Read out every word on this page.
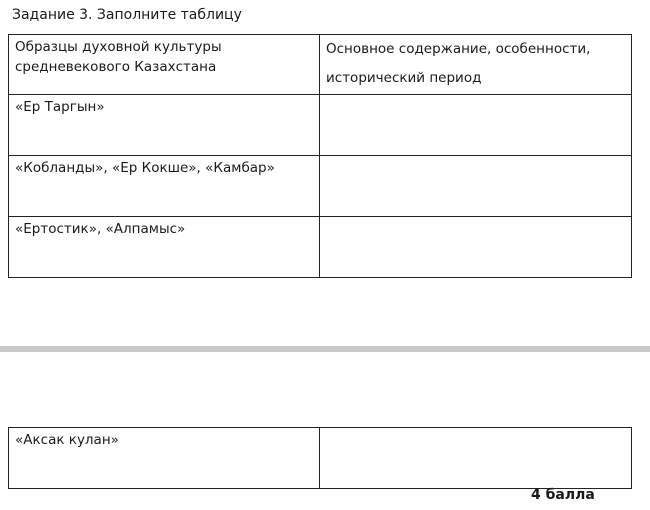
Задание 3. Заполните таблицу
Образцы духовной культуры средневекового Казахстана	Основное содержание, особенности, исторический период
«Ер Таргын»	
«Кобланды», «Ер Кокше», «Камбар»	
«Ертостик», «Алпамыс»	
«Аксак кулан»	
4 балла
